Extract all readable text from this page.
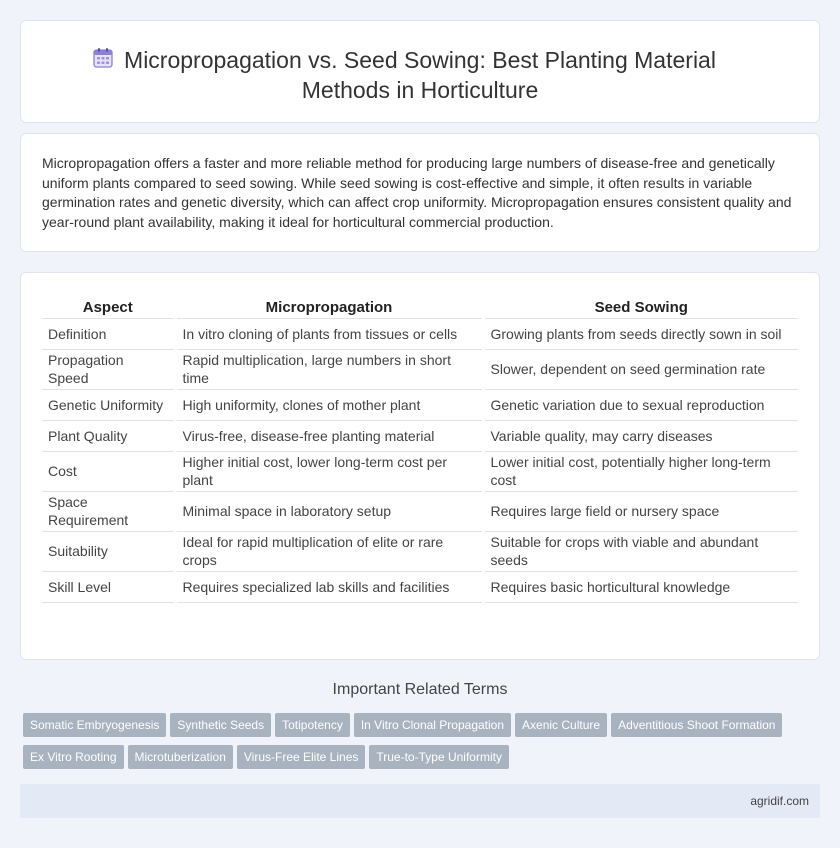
Micropropagation vs. Seed Sowing: Best Planting Material Methods in Horticulture

Micropropagation offers a faster and more reliable method for producing large numbers of disease-free and genetically uniform plants compared to seed sowing. While seed sowing is cost-effective and simple, it often results in variable germination rates and genetic diversity, which can affect crop uniformity. Micropropagation ensures consistent quality and year-round plant availability, making it ideal for horticultural commercial production.

Aspect	Micropropagation	Seed Sowing
Definition	In vitro cloning of plants from tissues or cells	Growing plants from seeds directly sown in soil
Propagation Speed	Rapid multiplication, large numbers in short time	Slower, dependent on seed germination rate
Genetic Uniformity	High uniformity, clones of mother plant	Genetic variation due to sexual reproduction
Plant Quality	Virus-free, disease-free planting material	Variable quality, may carry diseases
Cost	Higher initial cost, lower long-term cost per plant	Lower initial cost, potentially higher long-term cost
Space Requirement	Minimal space in laboratory setup	Requires large field or nursery space
Suitability	Ideal for rapid multiplication of elite or rare crops	Suitable for crops with viable and abundant seeds
Skill Level	Requires specialized lab skills and facilities	Requires basic horticultural knowledge
Important Related Terms
Somatic Embryogenesis Synthetic Seeds Totipotency In Vitro Clonal Propagation Axenic Culture Adventitious Shoot FormationEx Vitro Rooting Microtuberization Virus-Free Elite Lines True-to-Type Uniformity
agridif.com
